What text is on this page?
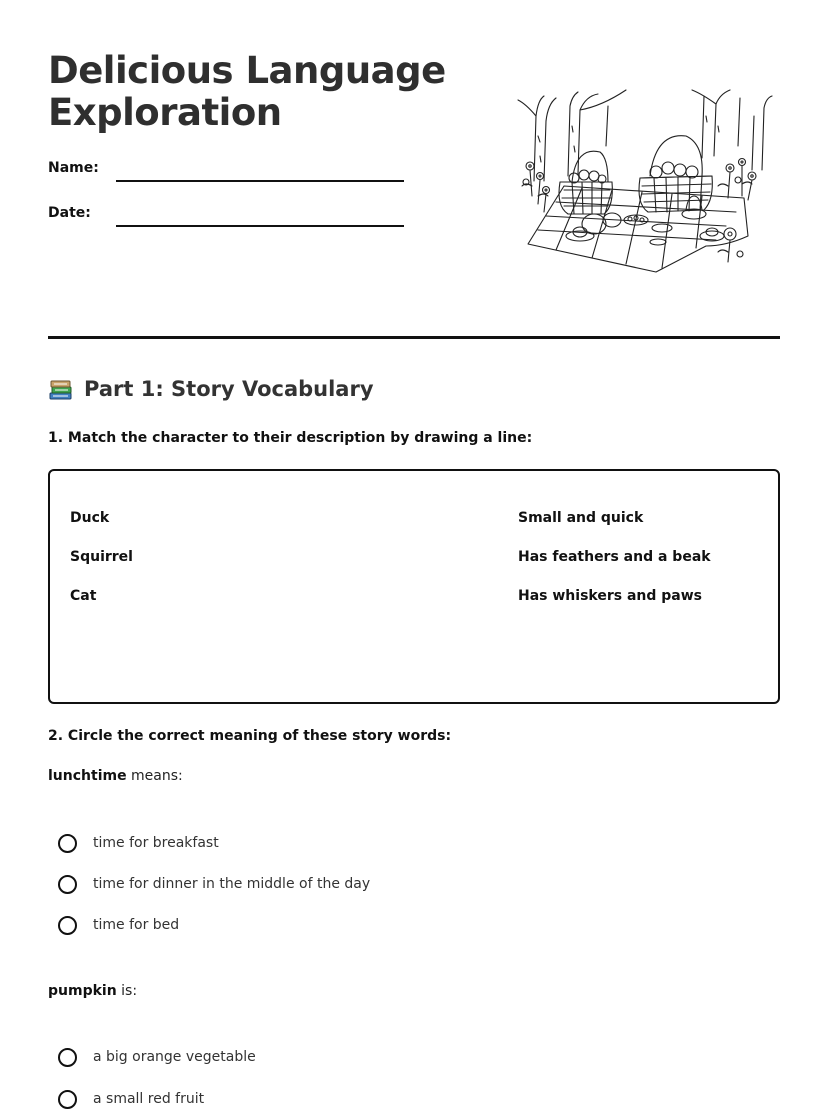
Delicious Language Exploration
Name:
Date:
Part 1: Story Vocabulary
1. Match the character to their description by drawing a line:
Duck
Squirrel
Cat
Small and quick
Has feathers and a beak
Has whiskers and paws
2. Circle the correct meaning of these story words:
lunchtime means:
time for breakfast
time for dinner in the middle of the day
time for bed
pumpkin is:
a big orange vegetable
a small red fruit
